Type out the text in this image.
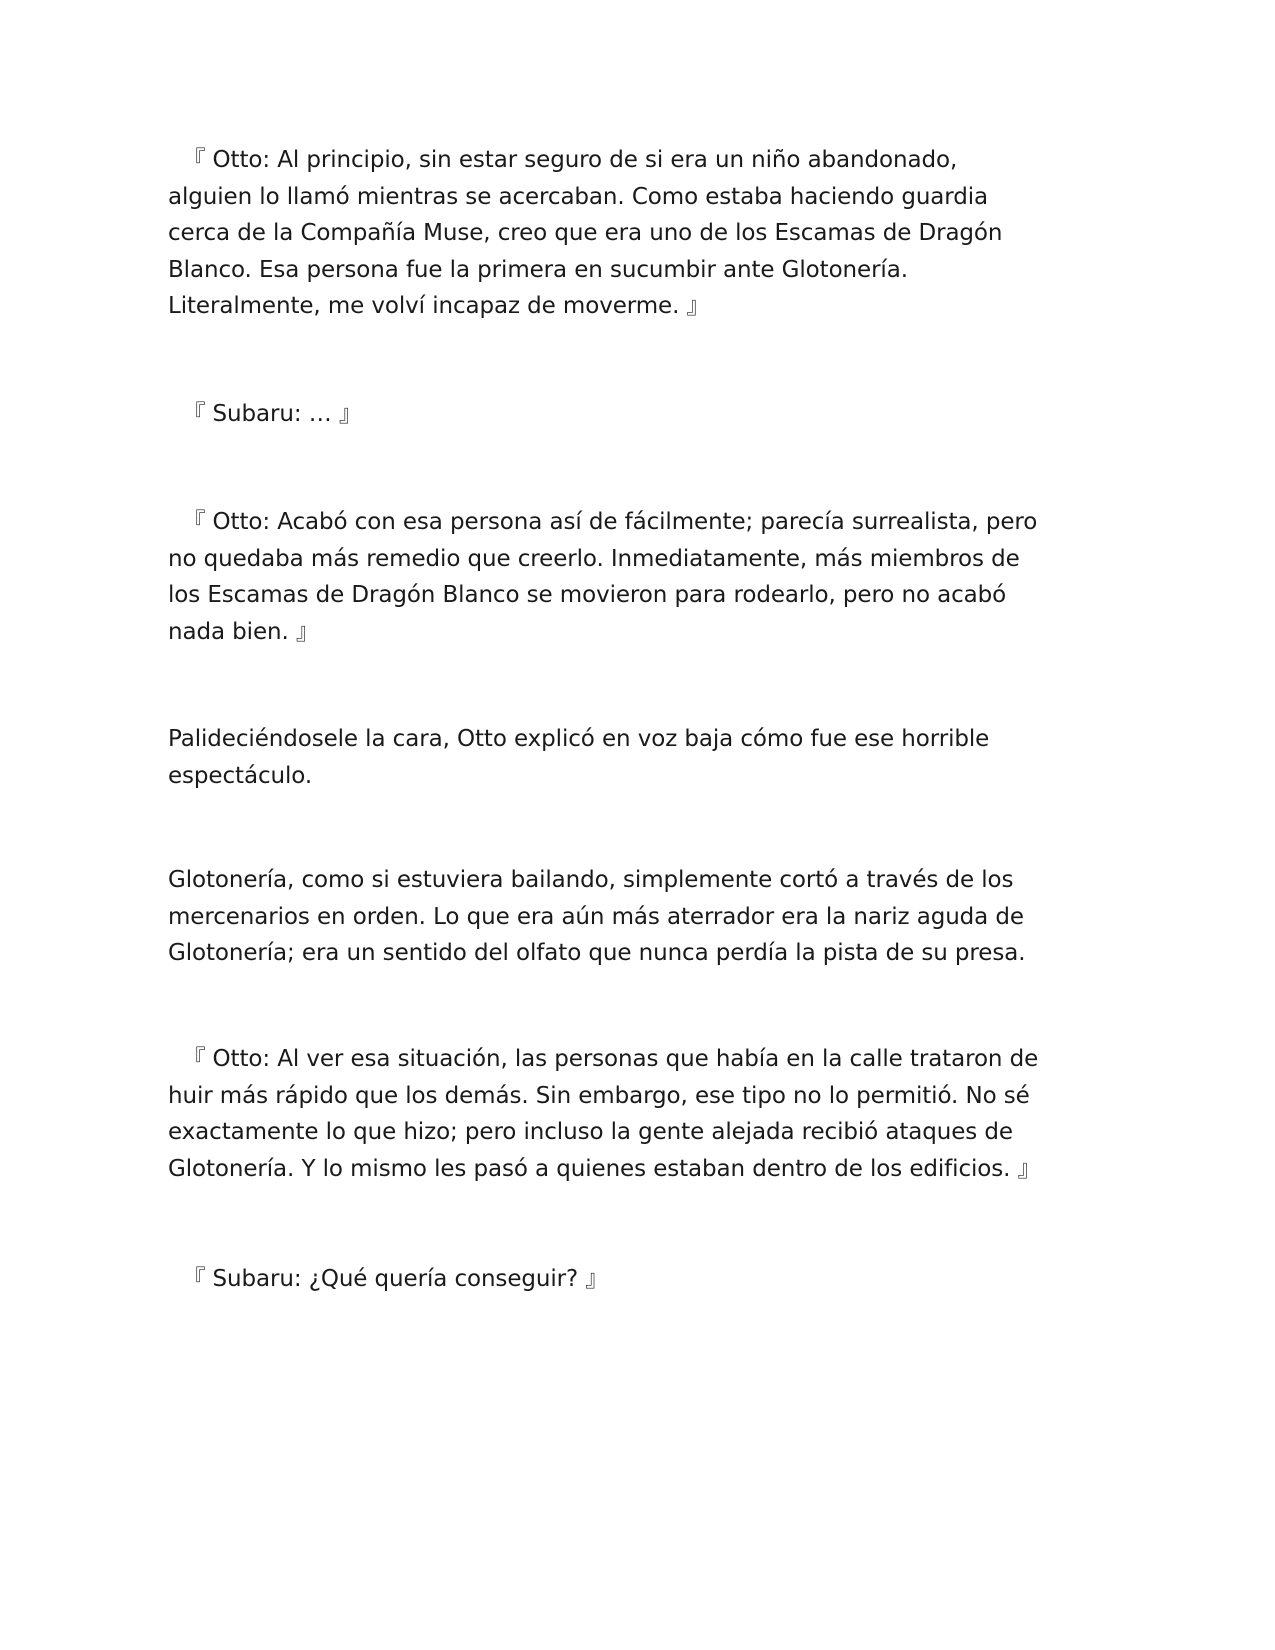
『 Otto: Al principio, sin estar seguro de si era un niño abandonado, alguien lo llamó mientras se acercaban. Como estaba haciendo guardia cerca de la Compañía Muse, creo que era uno de los Escamas de Dragón Blanco. Esa persona fue la primera en sucumbir ante Glotonería. Literalmente, me volví incapaz de moverme. 』

『 Subaru: … 』

『 Otto: Acabó con esa persona así de fácilmente; parecía surrealista, pero no quedaba más remedio que creerlo. Inmediatamente, más miembros de los Escamas de Dragón Blanco se movieron para rodearlo, pero no acabó nada bien. 』

Palideciéndosele la cara, Otto explicó en voz baja cómo fue ese horrible espectáculo.

Glotonería, como si estuviera bailando, simplemente cortó a través de los mercenarios en orden. Lo que era aún más aterrador era la nariz aguda de Glotonería; era un sentido del olfato que nunca perdía la pista de su presa.

『 Otto: Al ver esa situación, las personas que había en la calle trataron de huir más rápido que los demás. Sin embargo, ese tipo no lo permitió. No sé exactamente lo que hizo; pero incluso la gente alejada recibió ataques de Glotonería. Y lo mismo les pasó a quienes estaban dentro de los edificios. 』

『 Subaru: ¿Qué quería conseguir? 』
